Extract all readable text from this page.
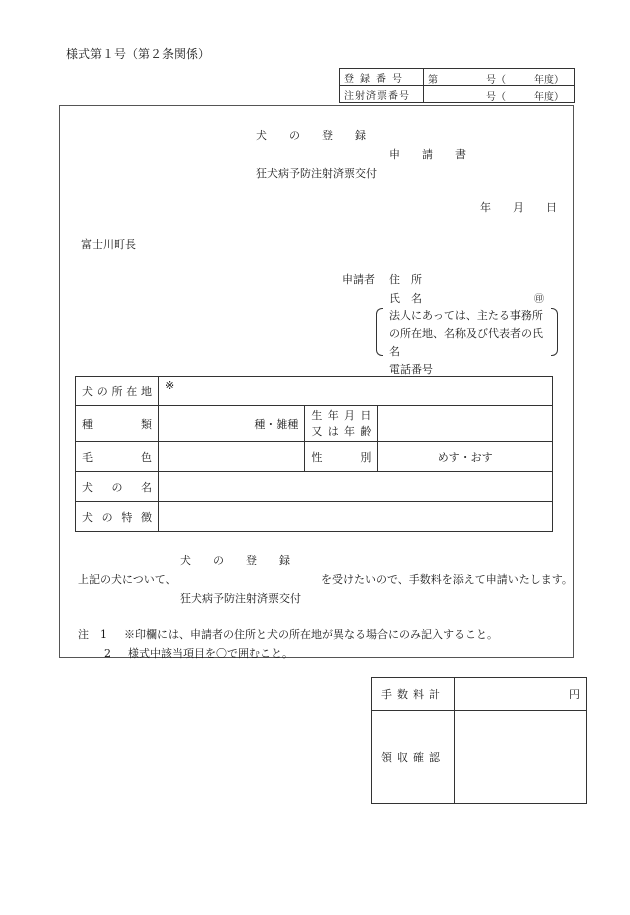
様式第１号（第２条関係）
登録番号	第 号（ 年度）

注射済票番号	号（ 年度）
犬の登録
申請書
狂犬病予防注射済票交付
年　　月　　日
富士川町長
申請者 住　所
氏　名	㊞
法人にあっては、主たる事務所の所在地、名称及び代表者の氏名
電話番号
犬の所在地	※		
種類	種・雑種	生年月日
又は年齢	

毛色		性別	めす・おす
犬の名			
犬の特徴			
犬の登録
上記の犬について、	を受けたいので、手数料を添えて申請いたします。
狂犬病予防注射済票交付
注　1 ※印欄には、申請者の住所と犬の所在地が異なる場合にのみ記入すること。
2 様式中該当項目を〇で囲むこと。
手数料計	円
領収確認	
